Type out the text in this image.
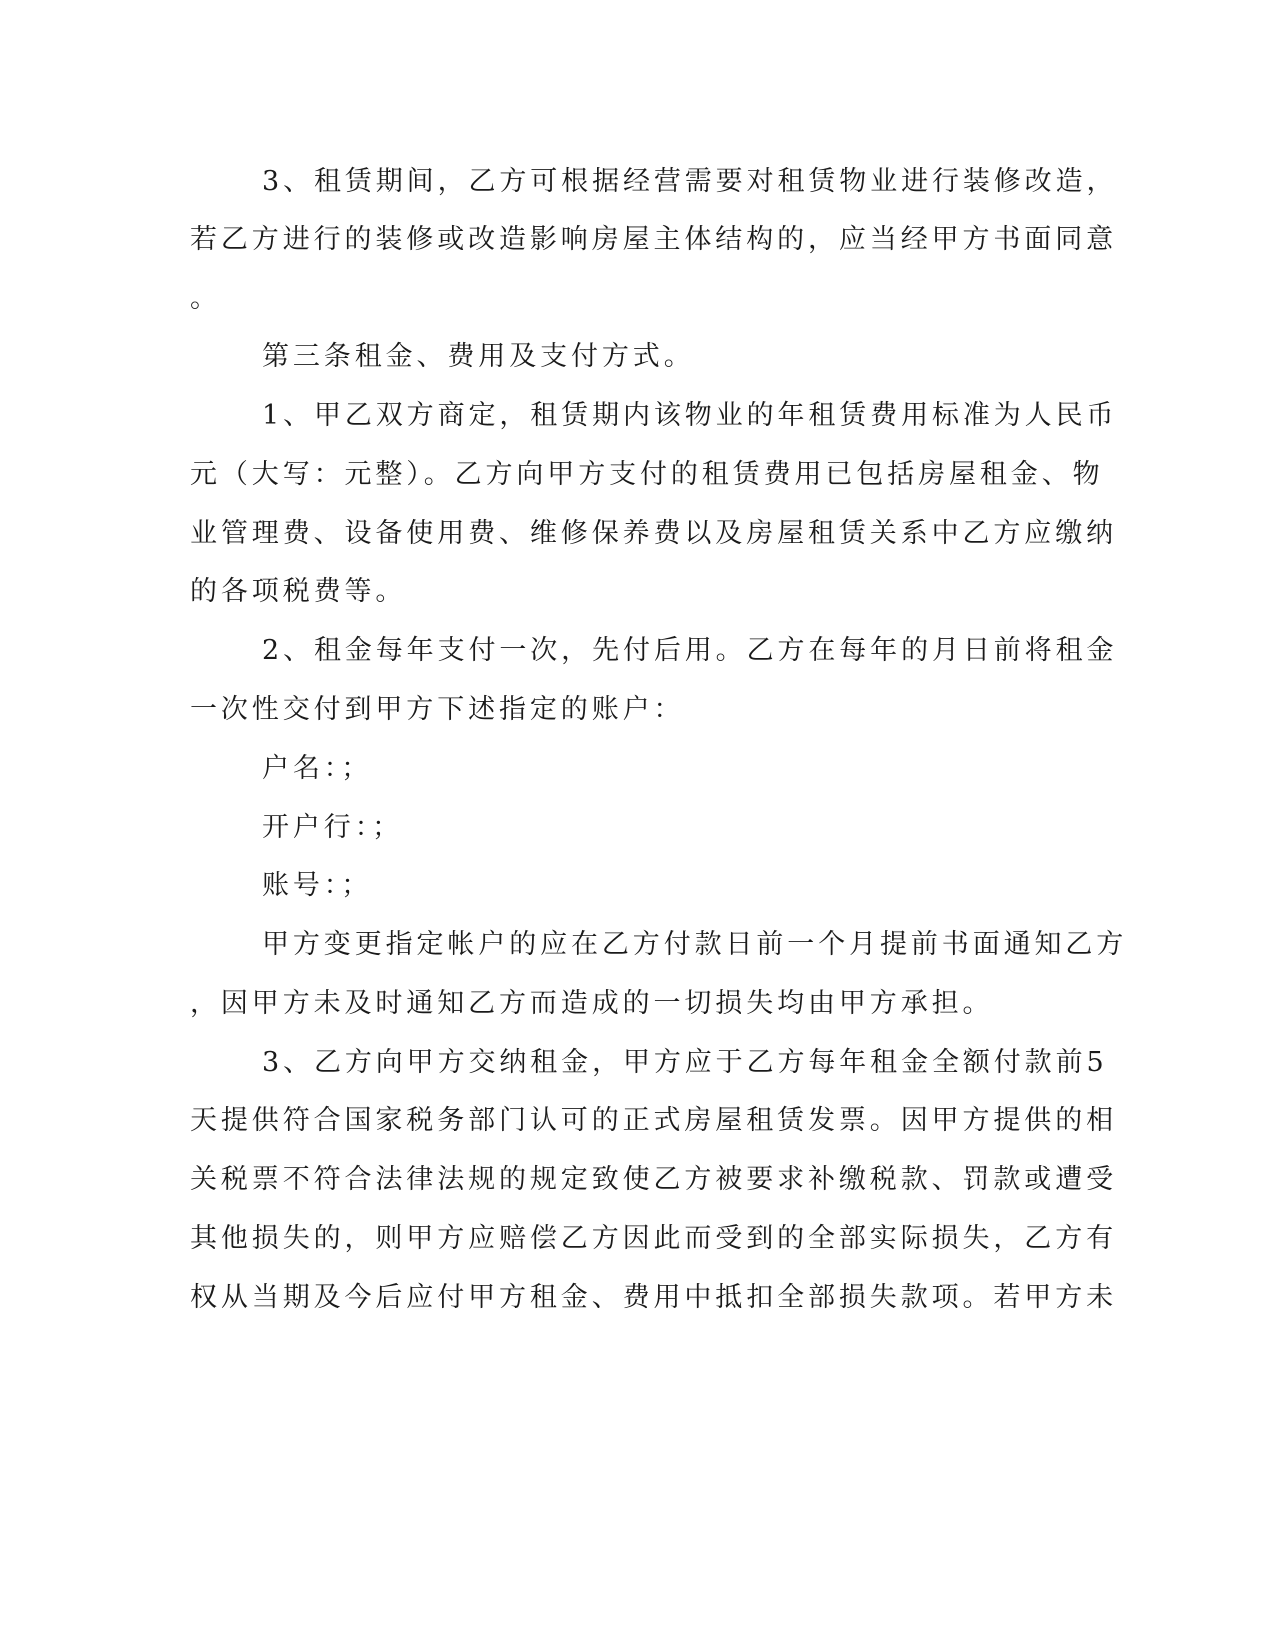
3、租赁期间，乙方可根据经营需要对租赁物业进行装修改造，
若乙方进行的装修或改造影响房屋主体结构的，应当经甲方书面同意
。
第三条租金、费用及支付方式。
1、甲乙双方商定，租赁期内该物业的年租赁费用标准为人民币
元（大写：元整）。乙方向甲方支付的租赁费用已包括房屋租金、物
业管理费、设备使用费、维修保养费以及房屋租赁关系中乙方应缴纳
的各项税费等。
2、租金每年支付一次，先付后用。乙方在每年的月日前将租金
一次性交付到甲方下述指定的账户：
户名：；
开户行：；
账号：；
甲方变更指定帐户的应在乙方付款日前一个月提前书面通知乙方
，因甲方未及时通知乙方而造成的一切损失均由甲方承担。
3、乙方向甲方交纳租金，甲方应于乙方每年租金全额付款前5
天提供符合国家税务部门认可的正式房屋租赁发票。因甲方提供的相
关税票不符合法律法规的规定致使乙方被要求补缴税款、罚款或遭受
其他损失的，则甲方应赔偿乙方因此而受到的全部实际损失，乙方有
权从当期及今后应付甲方租金、费用中抵扣全部损失款项。若甲方未
